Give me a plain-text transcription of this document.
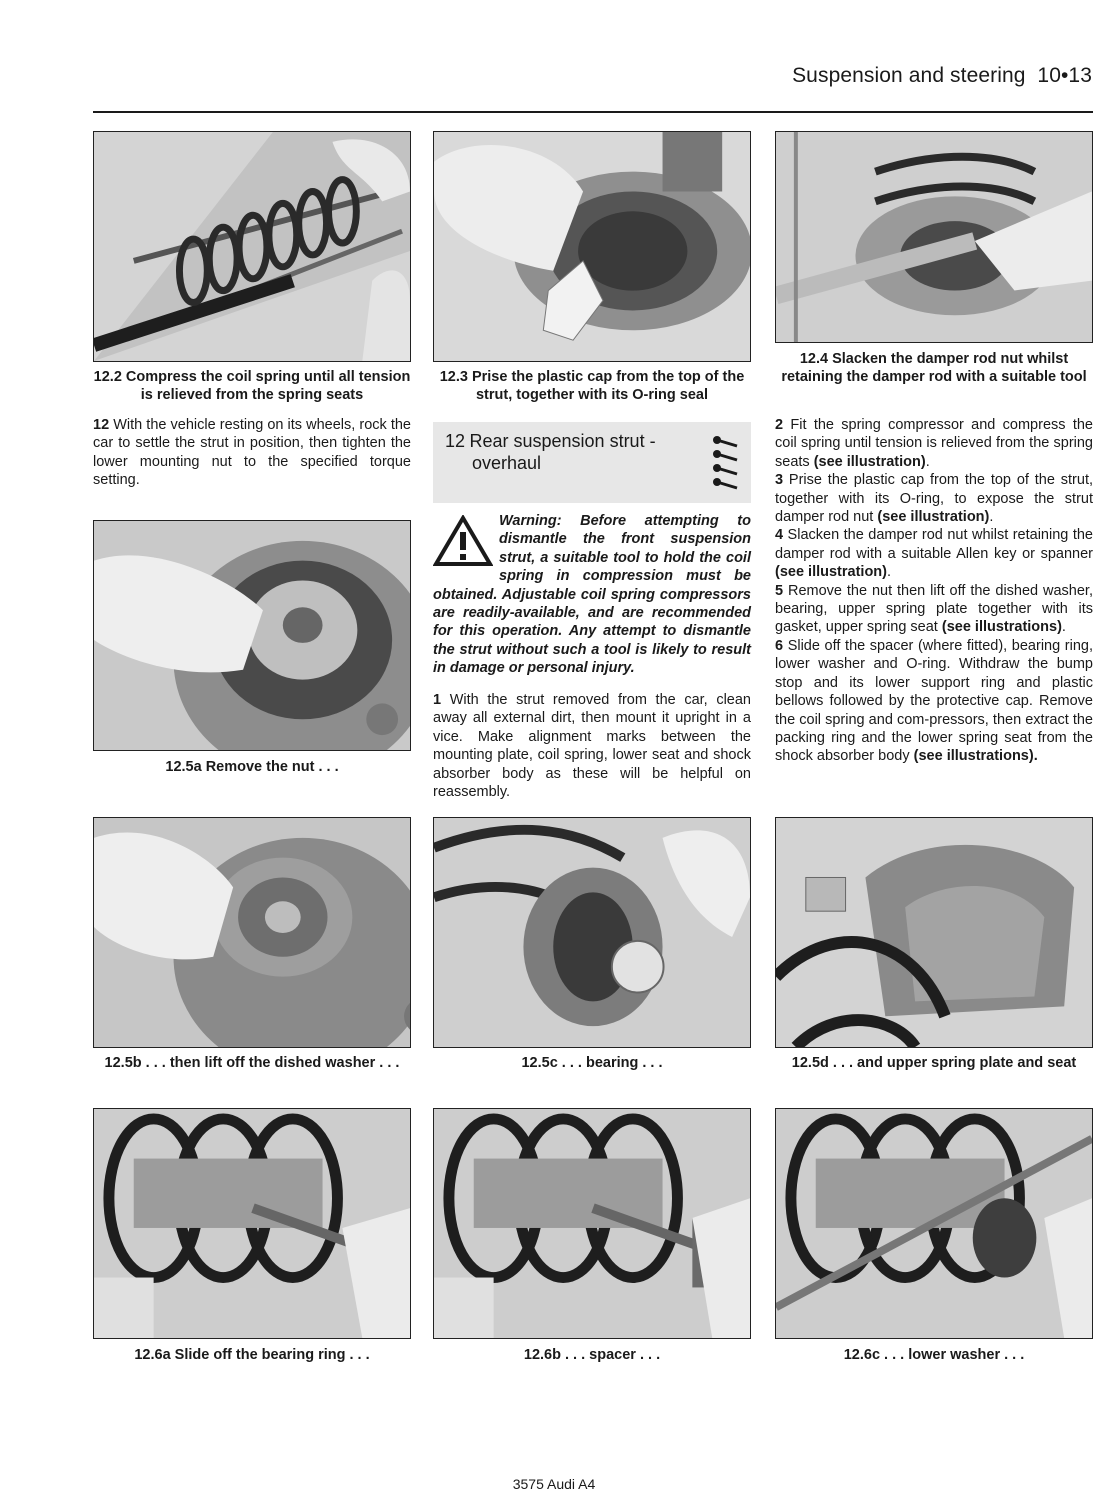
Suspension and steering 10•13
12.2 Compress the coil spring until all tension is relieved from the spring seats
12.3 Prise the plastic cap from the top of the strut, together with its O-ring seal
12.4 Slacken the damper rod nut whilst retaining the damper rod with a suitable tool

12 With the vehicle resting on its wheels, rock the car to settle the strut in position, then tighten the lower mounting nut to the specified torque setting.

12.5a Remove the nut . . .
12 Rear suspension strut -
overhaul
Warning: Before attempting to dismantle the front suspension strut, a suitable tool to hold the coil spring in compression must be obtained. Adjustable coil spring compressors are readily-available, and are recommended for this operation. Any attempt to dismantle the strut without such a tool is likely to result in damage or personal injury.

1 With the strut removed from the car, clean away all external dirt, then mount it upright in a vice. Make alignment marks between the mounting plate, coil spring, lower seat and shock absorber body as these will be helpful on reassembly.

2 Fit the spring compressor and compress the coil spring until tension is relieved from the spring seats (see illustration).

3 Prise the plastic cap from the top of the strut, together with its O-ring, to expose the strut damper rod nut (see illustration).

4 Slacken the damper rod nut whilst retaining the damper rod with a suitable Allen key or spanner (see illustration).

5 Remove the nut then lift off the dished washer, bearing, upper spring plate together with its gasket, upper spring seat (see illustrations).

6 Slide off the spacer (where fitted), bearing ring, lower washer and O-ring. Withdraw the bump stop and its lower support ring and plastic bellows followed by the protective cap. Remove the coil spring and com-pressors, then extract the packing ring and the lower spring seat from the shock absorber body (see illustrations).

12.5b . . . then lift off the dished washer . . .	12.5c . . . bearing . . .	12.5d . . . and upper spring plate and seat
12.6a Slide off the bearing ring . . .	12.6b . . . spacer . . .	12.6c . . . lower washer . . .
3575 Audi A4
